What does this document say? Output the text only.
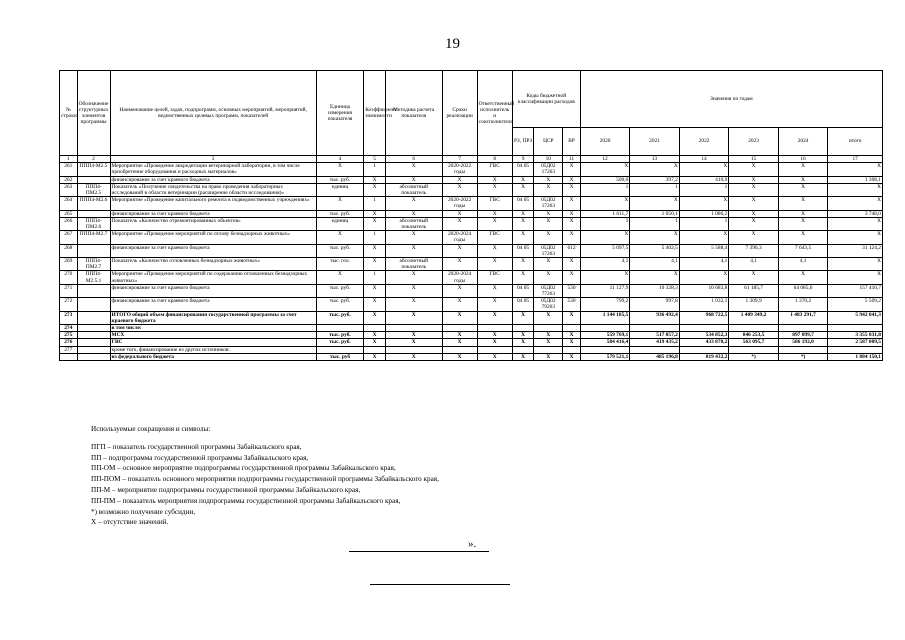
19
№ строки	Обозначение структурных элементов программы	Наименование целей, задач, подпрограмм, основных мероприятий, мероприятий, ведомственных целевых программ, показателей	Единица измерения показателя	Коэффициент значимости	Методика расчета показателя	Сроки реализации	Ответственный исполнитель и соисполнители	Коды бюджетной классификации расходов			Значения по годам					
								РЗ, ПРЗ	ЦСР	ВР	2020	2021	2022	2023	2024	итого
1	2	3	4	5	6	7	8	9	10	11	12	13	14	15	16	17
261	ППП4-М2.5	Мероприятие «Проведение аккредитации ветеринарной лаборатории, в том числе приобретение оборудования и расходных материалов»	Х	1	Х	2020-2022 годы	ГВС	04 05	05Д02 17263	Х	Х	Х	Х	Х	Х	Х
262		финансирование за счет краевого бюджета	тыс. руб.	Х	Х	Х	Х	Х	Х	Х	500,0	397,2	410,9	Х	Х	1 308,1
263	ППП4-ПМ2.5	Показатель «Получение свидетельства на право проведения лабораторных исследований в области ветеринарии (расширение области исследования)»	единиц	Х	абсолютный показатель	Х	Х	Х	Х	Х	1	1	1	Х	Х	Х
264	ППП4-М2.6	Мероприятие «Проведение капитального ремонта в подведомственных учреждениях»	Х	1	Х	2020-2022 годы	ГВС	04 05	05Д02 17263	Х	Х	Х	Х	Х	Х	Х
265		финансирование за счет краевого бюджета	тыс. руб.	Х	Х	Х	Х	Х	Х	Х	1 611,7	1 050,1	1 086,2	Х	Х	3 748,0
266	ППП4-ПМ2.6	Показатель «Количество отремонтированных объектов»	единиц	Х	абсолютный показатель	Х	Х	Х	Х	Х	1	1	1	Х	Х	Х
267	ППП4-М2.7	Мероприятие «Проведение мероприятий по отлову безнадзорных животных»	Х	1	Х	2020-2024 годы	ГВС	Х	Х	Х	Х	Х	Х	Х	Х	Х
268		финансирование за счет краевого бюджета	тыс. руб.	Х	Х	Х	Х	04 05	05Д02 17263	612	5 097,5	5 402,5	5 588,4	7 390,3	7 643,5	31 124,2
269	ППП4-ПМ2.7	Показатель «Количество отловленных безнадзорных животных»	тыс. гол.	Х	абсолютный показатель	Х	Х	Х	Х	Х	4,1	4,1	4,1	4,1	4,1	Х
270	ППП4-М2.5.1	Мероприятие «Проведение мероприятий по содержанию отловленных безнадзорных животных»	Х	1	Х	2020-2024 годы	ГВС	Х	Х	Х	Х	Х	Х	Х	Х	Х
271		финансирование за счет краевого бюджета	тыс. руб.	Х	Х	Х	Х	04 05	05Д02 77263	530	11 127,9	10 328,3	10 683,8	61 185,7	64 085,0	157 410,7
272		финансирование за счет краевого бюджета	тыс. руб.	Х	Х	Х	Х	04 05	05Д02 79263	530	799,2	997,8	1 032,1	1 309,9	1 370,2	5 509,2
273		ИТОГО общий объем финансирования государственной программы за счет краевого бюджета	тыс. руб.	Х	Х	Х	Х	Х	Х	Х	1 144 185,5	936 492,4	968 722,5	1 409 349,2	1 483 291,7	5 942 041,3
274		в том числе:														
275		МСХ	тыс. руб.	Х	Х	Х	Х	Х	Х	Х	559 769,1	517 057,2	534 852,3	846 253,5	897 099,7	3 355 031,8
276		ГВС	тыс. руб.	Х	Х	Х	Х	Х	Х	Х	584 416,4	419 435,2	433 870,2	563 095,7	586 192,0	2 587 009,5
277		кроме того, финансирование из других источников:														
		из федерального бюджета	тыс. руб	Х	Х	Х	Х	Х	Х	Х	579 521,1	485 196,8	819 432,2	*)	*)	1 884 150,1
Используемые сокращения и символы:
ПГП – показатель государственной программы Забайкальского края,
ПП – подпрограмма государственной программы Забайкальского края,
ПП-ОМ – основное мероприятие подпрограммы государственной программы Забайкальского края,
ПП-ПОМ – показатель основного мероприятия подпрограммы государственной программы Забайкальского края,
ПП-М – мероприятие подпрограммы государственной программы Забайкальского края,
ПП-ПМ – показатель мероприятия подпрограммы государственной программы Забайкальского края,
*) возможно получение субсидии,
Х – отсутствие значений.
».
